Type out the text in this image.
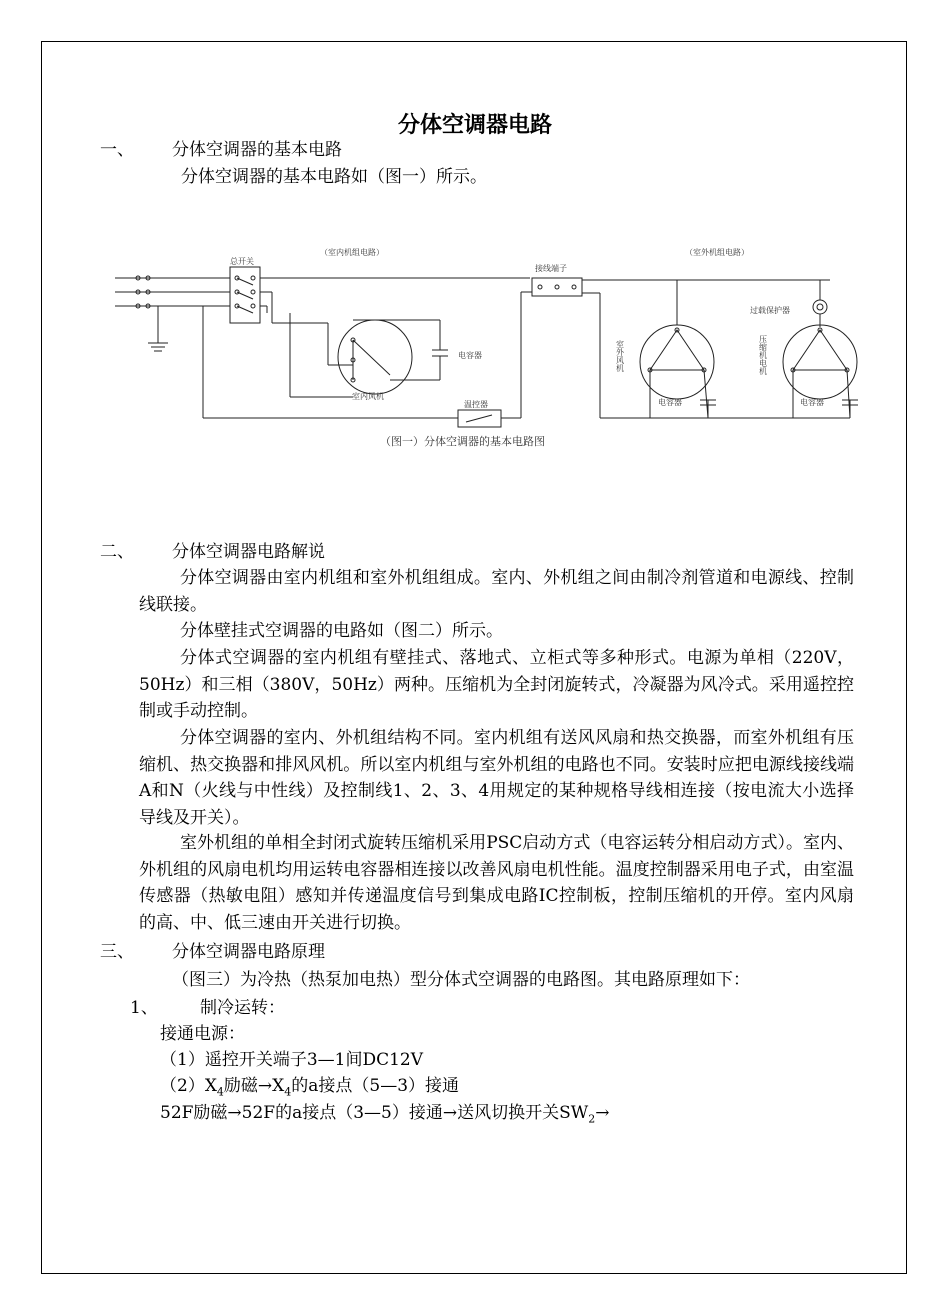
分体空调器电路
一、 分体空调器的基本电路
分体空调器的基本电路如（图一）所示。
（室内机组电路）	（室外机组电路）
总开关
接线端子
过载保护器
电容器
室内风机
温控器	电容器	电容器
室外风机	压缩机电机
（图一）分体空调器的基本电路图
二、 分体空调器电路解说
分体空调器由室内机组和室外机组组成。室内、外机组之间由制冷剂管道和电源线、控制线联接。
分体壁挂式空调器的电路如（图二）所示。
分体式空调器的室内机组有壁挂式、落地式、立柜式等多种形式。电源为单相（220V，50Hz）和三相（380V，50Hz）两种。压缩机为全封闭旋转式，冷凝器为风冷式。采用遥控控制或手动控制。
分体空调器的室内、外机组结构不同。室内机组有送风风扇和热交换器，而室外机组有压缩机、热交换器和排风风机。所以室内机组与室外机组的电路也不同。安装时应把电源线接线端A和N（火线与中性线）及控制线1、2、3、4用规定的某种规格导线相连接（按电流大小选择导线及开关）。
室外机组的单相全封闭式旋转压缩机采用PSC启动方式（电容运转分相启动方式）。室内、外机组的风扇电机均用运转电容器相连接以改善风扇电机性能。温度控制器采用电子式，由室温传感器（热敏电阻）感知并传递温度信号到集成电路IC控制板，控制压缩机的开停。室内风扇的高、中、低三速由开关进行切换。
三、 分体空调器电路原理
（图三）为冷热（热泵加电热）型分体式空调器的电路图。其电路原理如下：
1、 制冷运转：
接通电源：
（1）遥控开关端子3—1间DC12V
$(2)X_4$励磁$\to X_4$的a接点（5—3）接通
52F励磁→52F的a接点（3—5）接通→送风切换开关$SW_2\to$
